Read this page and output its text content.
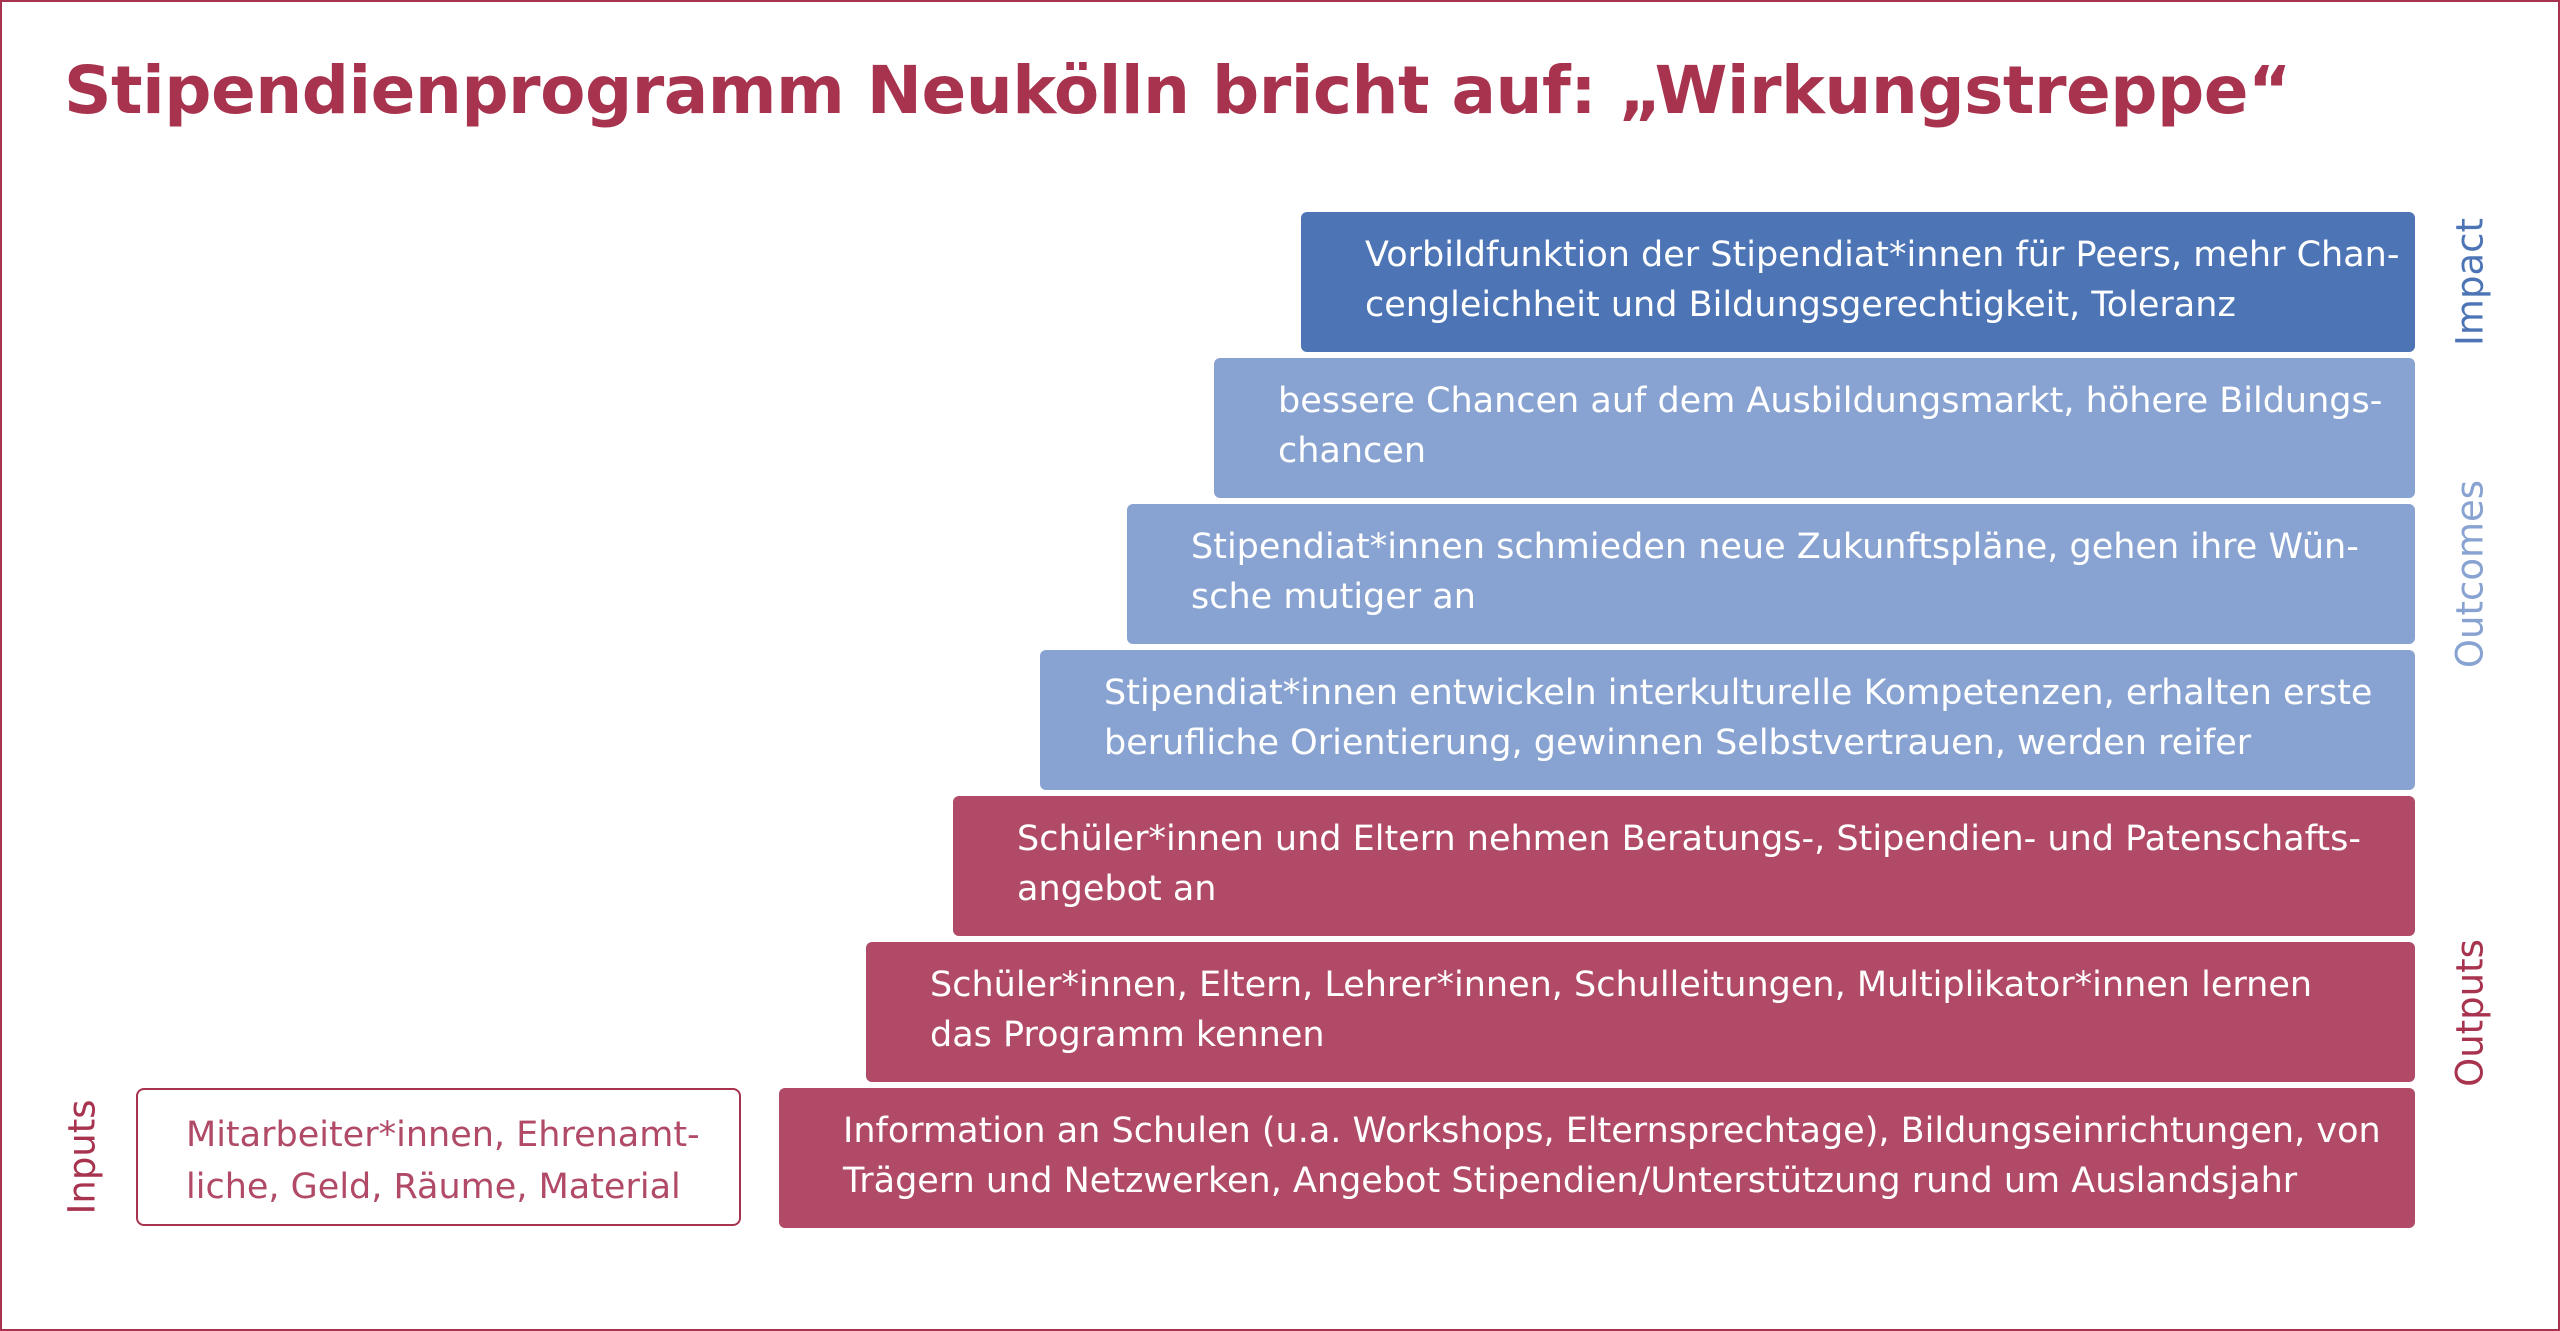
Stipendienprogramm Neukölln bricht auf: „Wirkungstreppe“
Vorbildfunktion der Stipendiat*innen für Peers, mehr Chan-
cengleichheit und Bildungsgerechtigkeit, Toleranz
bessere Chancen auf dem Ausbildungsmarkt, höhere Bildungs-
chancen
Stipendiat*innen schmieden neue Zukunftspläne, gehen ihre Wün-
sche mutiger an
Stipendiat*innen entwickeln interkulturelle Kompetenzen, erhalten erste
berufliche Orientierung, gewinnen Selbstvertrauen, werden reifer
Schüler*innen und Eltern nehmen Beratungs-, Stipendien- und Patenschafts-
angebot an
Schüler*innen, Eltern, Lehrer*innen, Schulleitungen, Multiplikator*innen lernen
das Programm kennen
Information an Schulen (u.a. Workshops, Elternsprechtage), Bildungseinrichtungen, von
Trägern und Netzwerken, Angebot Stipendien/Unterstützung rund um Auslandsjahr
Mitarbeiter*innen, Ehrenamt-
liche, Geld, Räume, Material
Impact
Outcomes
Outputs
Inputs
